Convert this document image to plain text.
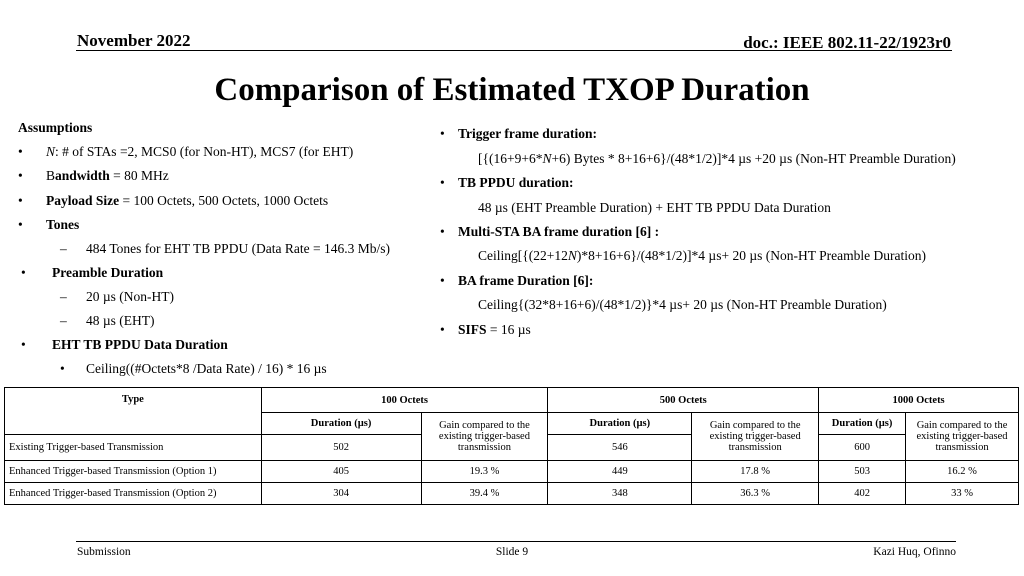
November 2022	doc.: IEEE 802.11-22/1923r0
Comparison of Estimated TXOP Duration
Assumptions
• N: # of STAs =2, MCS0 (for Non-HT), MCS7 (for EHT)
• Bandwidth = 80 MHz
• Payload Size = 100 Octets, 500 Octets, 1000 Octets
• Tones
– 484 Tones for EHT TB PPDU (Data Rate = 146.3 Mb/s)
• Preamble Duration
– 20 µs (Non-HT)
– 48 µs (EHT)
• EHT TB PPDU Data Duration
• Ceiling((#Octets*8 /Data Rate) / 16) * 16 µs
• Trigger frame duration:
[{(16+9+6*N+6) Bytes * 8+16+6}/(48*1/2)]*4 µs +20 µs (Non-HT Preamble Duration)
• TB PPDU duration:
48 µs (EHT Preamble Duration) + EHT TB PPDU Data Duration
• Multi-STA BA frame duration [6] :
Ceiling[{(22+12N)*8+16+6}/(48*1/2)]*4 µs+ 20 µs (Non-HT Preamble Duration)
• BA frame Duration [6]:
Ceiling{(32*8+16+6)/(48*1/2)}*4 µs+ 20 µs (Non-HT Preamble Duration)
• SIFS = 16 µs
Type	100 Octets		500 Octets		1000 Octets	
	Duration (µs)	Gain compared to the existing trigger-based transmission	Duration (µs)	Gain compared to the existing trigger-based transmission	Duration (µs)	Gain compared to the existing trigger-based transmission
Existing Trigger-based Transmission	502		546		600	
Enhanced Trigger-based Transmission (Option 1)	405	19.3 %	449	17.8 %	503	16.2 %
Enhanced Trigger-based Transmission (Option 2)	304	39.4 %	348	36.3 %	402	33 %
Submission	Slide 9	Kazi Huq, Ofinno
